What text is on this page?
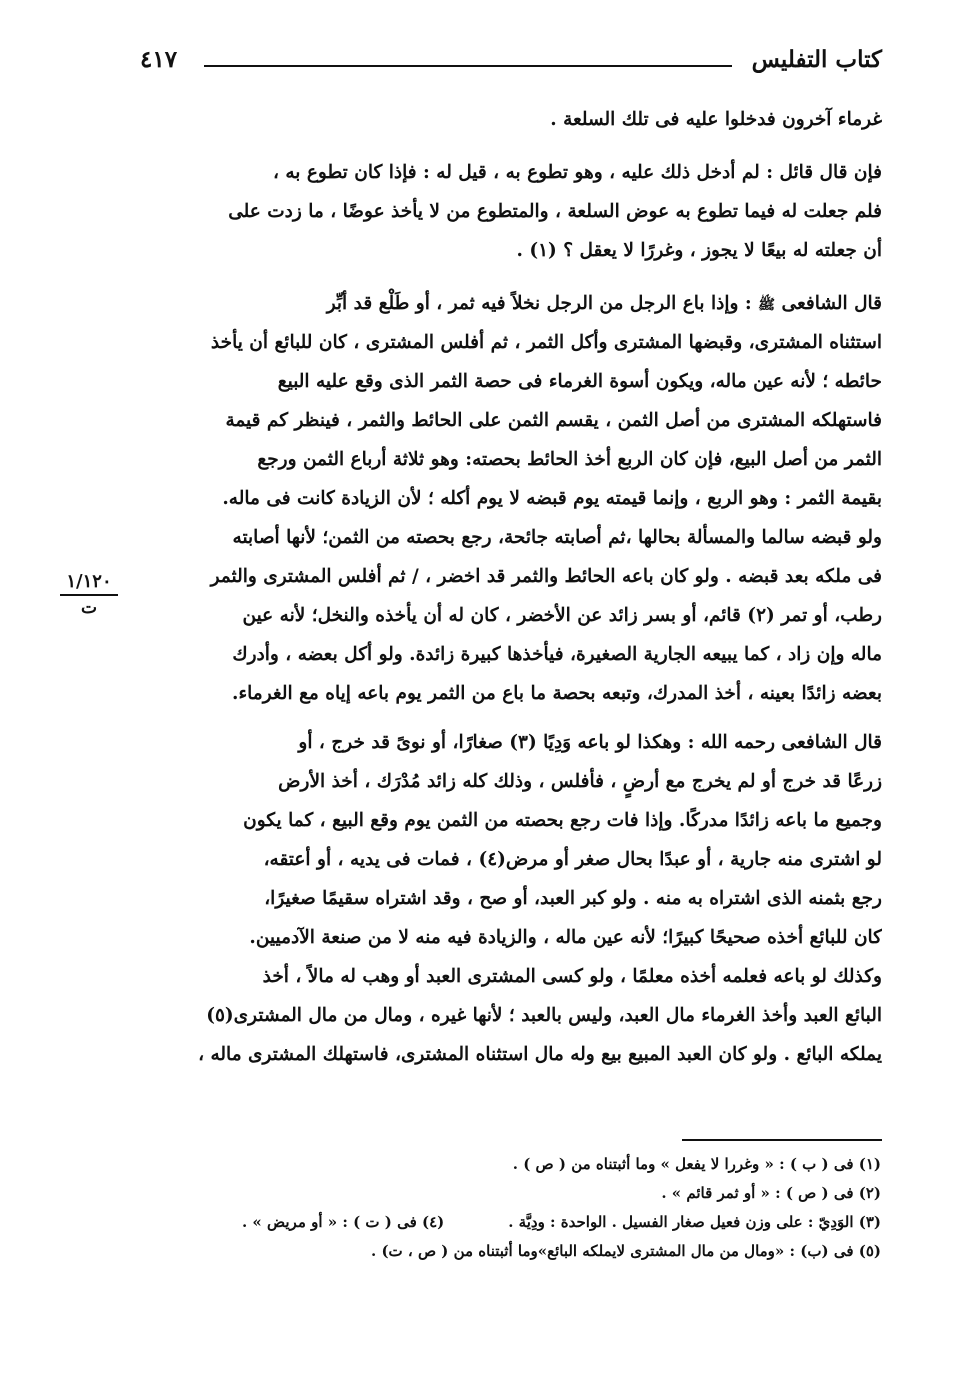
كتاب التفليس
٤١٧
١/١٢٠
ت
غرماء آخرون فدخلوا عليه فى تلك السلعة .
فإن قال قائل : لم أدخل ذلك عليه ، وهو تطوع به ، قيل له : فإذا كان تطوع به ،
فلم جعلت له فيما تطوع به عوض السلعة ، والمتطوع من لا يأخذ عوضًا ، ما زدت على
أن جعلته له بيعًا لا يجوز ، وغررًا لا يعقل ؟ (١) .
قال الشافعى ﷺ : وإذا باع الرجل من الرجل نخلاً فيه ثمر ، أو طَلْع قد أبِّر
استثناه المشترى، وقبضها المشترى وأكل الثمر ، ثم أفلس المشترى ، كان للبائع أن يأخذ
حائطه ؛ لأنه عين ماله، ويكون أسوة الغرماء فى حصة الثمر الذى وقع عليه البيع
فاستهلكه المشترى من أصل الثمن ، يقسم الثمن على الحائط والثمر ، فينظر كم قيمة
الثمر من أصل البيع، فإن كان الربع أخذ الحائط بحصته: وهو ثلاثة أرباع الثمن ورجع
بقيمة الثمر : وهو الربع ، وإنما قيمته يوم قبضه لا يوم أكله ؛ لأن الزيادة كانت فى ماله.
ولو قبضه سالما والمسألة بحالها ،ثم أصابته جائحة، رجع بحصته من الثمن؛ لأنها أصابته
فى ملكه بعد قبضه . ولو كان باعه الحائط والثمر قد اخضر ، / ثم أفلس المشترى والثمر
رطب، أو تمر (٢) قائم، أو بسر زائد عن الأخضر ، كان له أن يأخذه والنخل؛ لأنه عين
ماله وإن زاد ، كما يبيعه الجارية الصغيرة، فيأخذها كبيرة زائدة. ولو أكل بعضه ، وأدرك
بعضه زائدًا بعينه ، أخذ المدرك، وتبعه بحصة ما باع من الثمر يوم باعه إياه مع الغرماء.
قال الشافعى رحمه الله : وهكذا لو باعه وَدِيًا (٣) صغارًا، أو نوىً قد خرج ، أو
زرعًا قد خرج أو لم يخرج مع أرضٍ ، فأفلس ، وذلك كله زائد مُدْرَك ، أخذ الأرض
وجميع ما باعه زائدًا مدركًا. وإذا فات رجع بحصته من الثمن يوم وقع البيع ، كما يكون
لو اشترى منه جارية ، أو عبدًا بحال صغر أو مرض(٤) ، فمات فى يديه ، أو أعتقه،
رجع بثمنه الذى اشتراه به منه . ولو كبر العبد، أو صح ، وقد اشتراه سقيمًا صغيرًا،
كان للبائع أخذه صحيحًا كبيرًا؛ لأنه عين ماله ، والزيادة فيه منه لا من صنعة الآدميين.
وكذلك لو باعه فعلمه أخذه معلمًا ، ولو كسى المشترى العبد أو وهب له مالاً ، أخذ
البائع العبد وأخذ الغرماء مال العبد، وليس بالعبد ؛ لأنها غيره ، ومال من مال المشترى(٥)
يملكه البائع . ولو كان العبد المبيع بيع وله مال استثناه المشترى، فاستهلك المشترى ماله ،
(١) فى ( ب ) : « وغررا لا يفعل » وما أثبتناه من ( ص ) .
(٢) فى ( ص ) : « أو ثمر قائم » .
(٣) الوَدِيّ : على وزن فعيل صغار الفسيل . الواحدة : ودِيَّة .
(٤) فى ( ت ) : « أو مريض » .
(٥) فى (ب) : «ومال من مال المشترى لايملكه البائع»وما أثبتناه من ( ص ، ت) .
